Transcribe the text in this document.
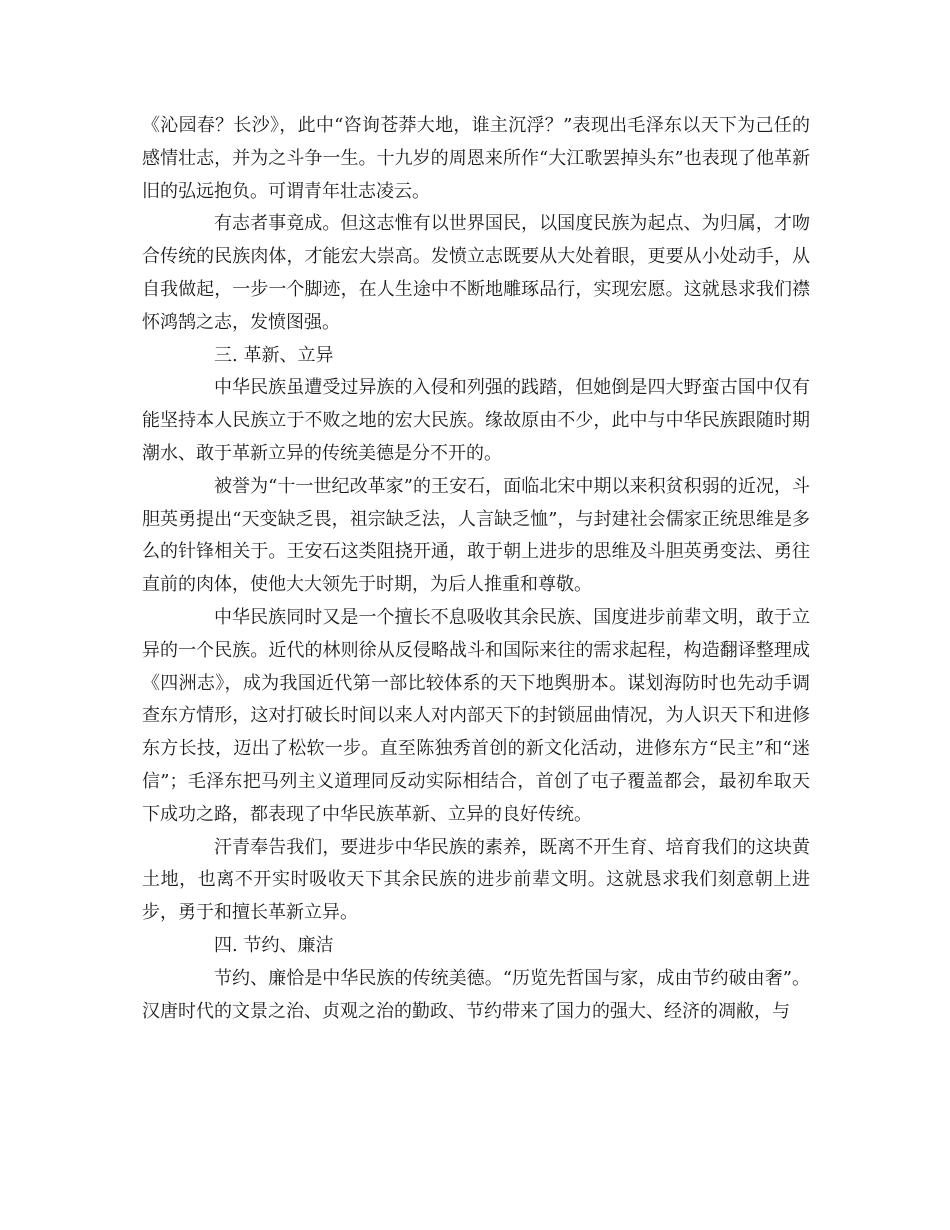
《沁园春？长沙》，此中“咨询苍莽大地，谁主沉浮？”表现出毛泽东以天下为己任的感情壮志，并为之斗争一生。十九岁的周恩来所作“大江歌罢掉头东”也表现了他革新旧的弘远抱负。可谓青年壮志凌云。

有志者事竟成。但这志惟有以世界国民，以国度民族为起点、为归属，才吻合传统的民族肉体，才能宏大崇高。发愤立志既要从大处着眼，更要从小处动手，从自我做起，一步一个脚迹，在人生途中不断地雕琢品行，实现宏愿。这就恳求我们襟怀鸿鹄之志，发愤图强。

三. 革新、立异

中华民族虽遭受过异族的入侵和列强的践踏，但她倒是四大野蛮古国中仅有能坚持本人民族立于不败之地的宏大民族。缘故原由不少，此中与中华民族跟随时期潮水、敢于革新立异的传统美德是分不开的。

被誉为“十一世纪改革家”的王安石，面临北宋中期以来积贫积弱的近况，斗胆英勇提出“天变缺乏畏，祖宗缺乏法，人言缺乏恤”，与封建社会儒家正统思维是多么的针锋相关于。王安石这类阻挠开通，敢于朝上进步的思维及斗胆英勇变法、勇往直前的肉体，使他大大领先于时期，为后人推重和尊敬。

中华民族同时又是一个擅长不息吸收其余民族、国度进步前辈文明，敢于立异的一个民族。近代的林则徐从反侵略战斗和国际来往的需求起程，构造翻译整理成《四洲志》，成为我国近代第一部比较体系的天下地舆册本。谋划海防时也先动手调查东方情形，这对打破长时间以来人对内部天下的封锁屈曲情况，为人识天下和进修东方长技，迈出了松软一步。直至陈独秀首创的新文化活动，进修东方“民主”和“迷信”；毛泽东把马列主义道理同反动实际相结合，首创了屯子覆盖都会，最初牟取天下成功之路，都表现了中华民族革新、立异的良好传统。

汗青奉告我们，要进步中华民族的素养，既离不开生育、培育我们的这块黄土地，也离不开实时吸收天下其余民族的进步前辈文明。这就恳求我们刻意朝上进步，勇于和擅长革新立异。

四. 节约、廉洁

节约、廉恰是中华民族的传统美德。“历览先哲国与家，成由节约破由奢”。汉唐时代的文景之治、贞观之治的勤政、节约带来了国力的强大、经济的凋敝，与
